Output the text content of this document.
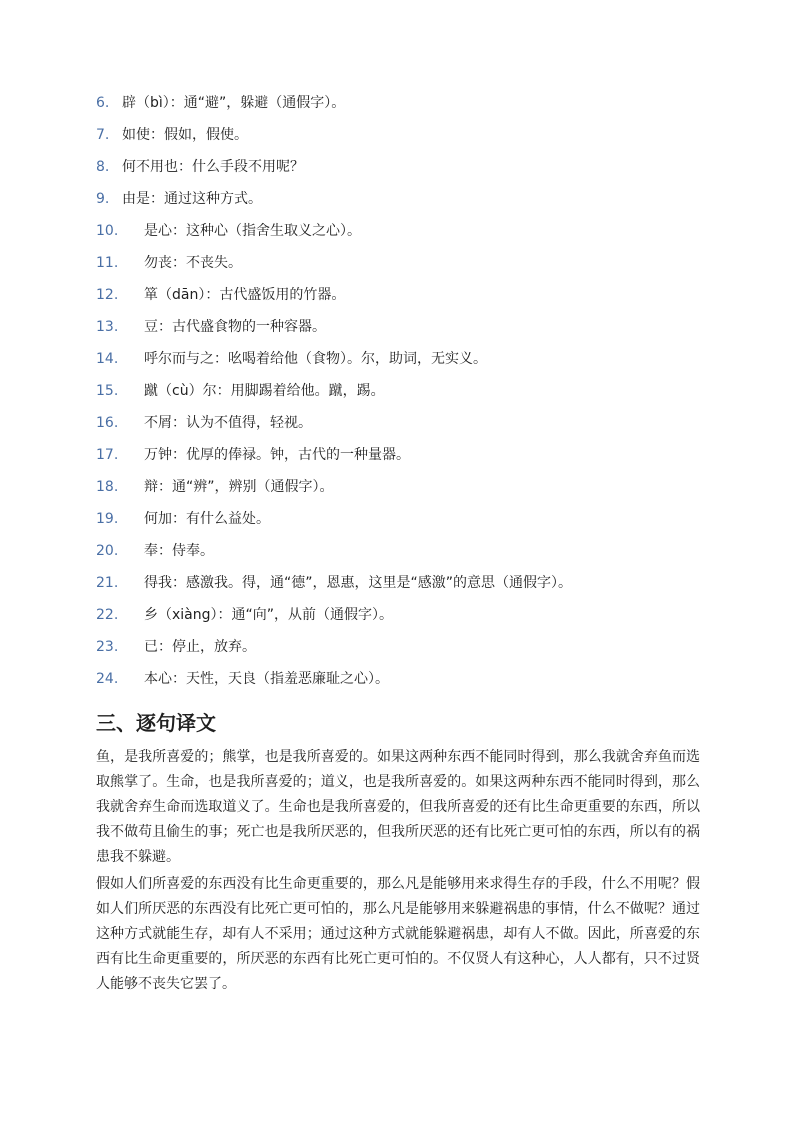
6. 辟（bì）：通“避”，躲避（通假字）。
7. 如使：假如，假使。
8. 何不用也：什么手段不用呢？
9. 由是：通过这种方式。
10.	是心：这种心（指舍生取义之心）。
11.	勿丧：不丧失。
12.	箪（dān）：古代盛饭用的竹器。
13.	豆：古代盛食物的一种容器。
14.	呼尔而与之：吆喝着给他（食物）。尔，助词，无实义。
15.	蹴（cù）尔：用脚踢着给他。蹴，踢。
16.	不屑：认为不值得，轻视。
17.	万钟：优厚的俸禄。钟，古代的一种量器。
18.	辩：通“辨”，辨别（通假字）。
19.	何加：有什么益处。
20.	奉：侍奉。
21.	得我：感激我。得，通“德”，恩惠，这里是“感激”的意思（通假字）。
22.	乡（xiàng）：通“向”，从前（通假字）。
23.	已：停止，放弃。
24.	本心：天性，天良（指羞恶廉耻之心）。
三、逐句译文

鱼，是我所喜爱的；熊掌，也是我所喜爱的。如果这两种东西不能同时得到，那么我就舍弃鱼而选取熊掌了。生命，也是我所喜爱的；道义，也是我所喜爱的。如果这两种东西不能同时得到，那么我就舍弃生命而选取道义了。生命也是我所喜爱的，但我所喜爱的还有比生命更重要的东西，所以我不做苟且偷生的事；死亡也是我所厌恶的，但我所厌恶的还有比死亡更可怕的东西，所以有的祸患我不躲避。

假如人们所喜爱的东西没有比生命更重要的，那么凡是能够用来求得生存的手段，什么不用呢？假如人们所厌恶的东西没有比死亡更可怕的，那么凡是能够用来躲避祸患的事情，什么不做呢？通过这种方式就能生存，却有人不采用；通过这种方式就能躲避祸患，却有人不做。因此，所喜爱的东西有比生命更重要的，所厌恶的东西有比死亡更可怕的。不仅贤人有这种心，人人都有，只不过贤人能够不丧失它罢了。
